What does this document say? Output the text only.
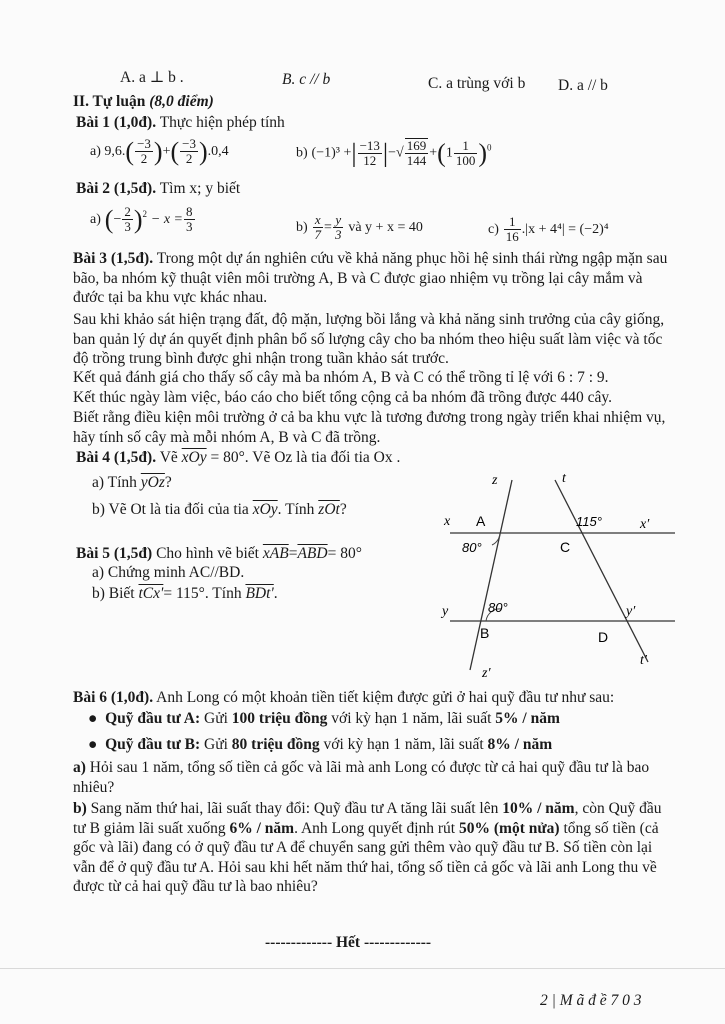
A. a ⊥ b .	B. c // b	C. a trùng với b D. a // b
II. Tự luận (8,0 điểm)
Bài 1 (1,0đ). Thực hiện phép tính
a) $9,6.( \frac{-3}{2}$ )+( $\frac{-3}{2} ).0,4$	b) (−1)³ +| $\frac{-13}{12}$ |−√ $\frac{169}{144} +(1 \frac{1}{100} )^0$
Bài 2 (1,5đ). Tìm x; y biết
a) (− $\frac{2}{3} )^2 - x = \frac{8}{3}$	$b) \frac{x}{7} = \frac{y}{3}$ và y + x = 40	$c) \frac{1}{16} .|x + 4^4| = (-2)^4$
Bài 3 (1,5đ). Trong một dự án nghiên cứu về khả năng phục hồi hệ sinh thái rừng ngập mặn sau bão, ba nhóm kỹ thuật viên môi trường A, B và C được giao nhiệm vụ trồng lại cây mắm và đước tại ba khu vực khác nhau.
Sau khi khảo sát hiện trạng đất, độ mặn, lượng bồi lắng và khả năng sinh trưởng của cây giống, ban quản lý dự án quyết định phân bổ số lượng cây cho ba nhóm theo hiệu suất làm việc và tốc độ trồng trung bình được ghi nhận trong tuần khảo sát trước.
Kết quả đánh giá cho thấy số cây mà ba nhóm A, B và C có thể trồng tỉ lệ với 6 : 7 : 9.
Kết thúc ngày làm việc, báo cáo cho biết tổng cộng cả ba nhóm đã trồng được 440 cây.
Biết rằng điều kiện môi trường ở cả ba khu vực là tương đương trong ngày triển khai nhiệm vụ, hãy tính số cây mà mỗi nhóm A, B và C đã trồng.
Bài 4 (1,5đ). Vẽ $\overline{xOy} = 80^\circ$. Vẽ Oz là tia đối tia Ox .
a) Tính $\overline{yOz}$?
b) Vẽ Ot là tia đối của tia $\overline{xOy}$. Tính $\overline{zOt}$?
Bài 5 (1,5đ) Cho hình vẽ biết $\overline{xAB}=\overline{ABD}= 80^\circ$
a) Chứng minh AC//BD.
b) Biết tCx'= 115°. Tính BDt'.
z	t
x A	115°	x′
80°	C
y	80°	y′
B	D
t′
z′
Bài 6 (1,0đ). Anh Long có một khoản tiền tiết kiệm được gửi ở hai quỹ đầu tư như sau:
● Quỹ đầu tư A: Gửi 100 triệu đồng với kỳ hạn 1 năm, lãi suất 5% / năm
● Quỹ đầu tư B: Gửi 80 triệu đồng với kỳ hạn 1 năm, lãi suất 8% / năm
a) Hỏi sau 1 năm, tổng số tiền cả gốc và lãi mà anh Long có được từ cả hai quỹ đầu tư là bao nhiêu?
b) Sang năm thứ hai, lãi suất thay đổi: Quỹ đầu tư A tăng lãi suất lên 10% / năm, còn Quỹ đầu tư B giảm lãi suất xuống 6% / năm. Anh Long quyết định rút 50% (một nửa) tổng số tiền (cả gốc và lãi) đang có ở quỹ đầu tư A để chuyển sang gửi thêm vào quỹ đầu tư B. Số tiền còn lại vẫn để ở quỹ đầu tư A. Hỏi sau khi hết năm thứ hai, tổng số tiền cả gốc và lãi anh Long thu về được từ cả hai quỹ đầu tư là bao nhiêu?
------------- Hết -------------
2 | M ã đ ề 7 0 3
